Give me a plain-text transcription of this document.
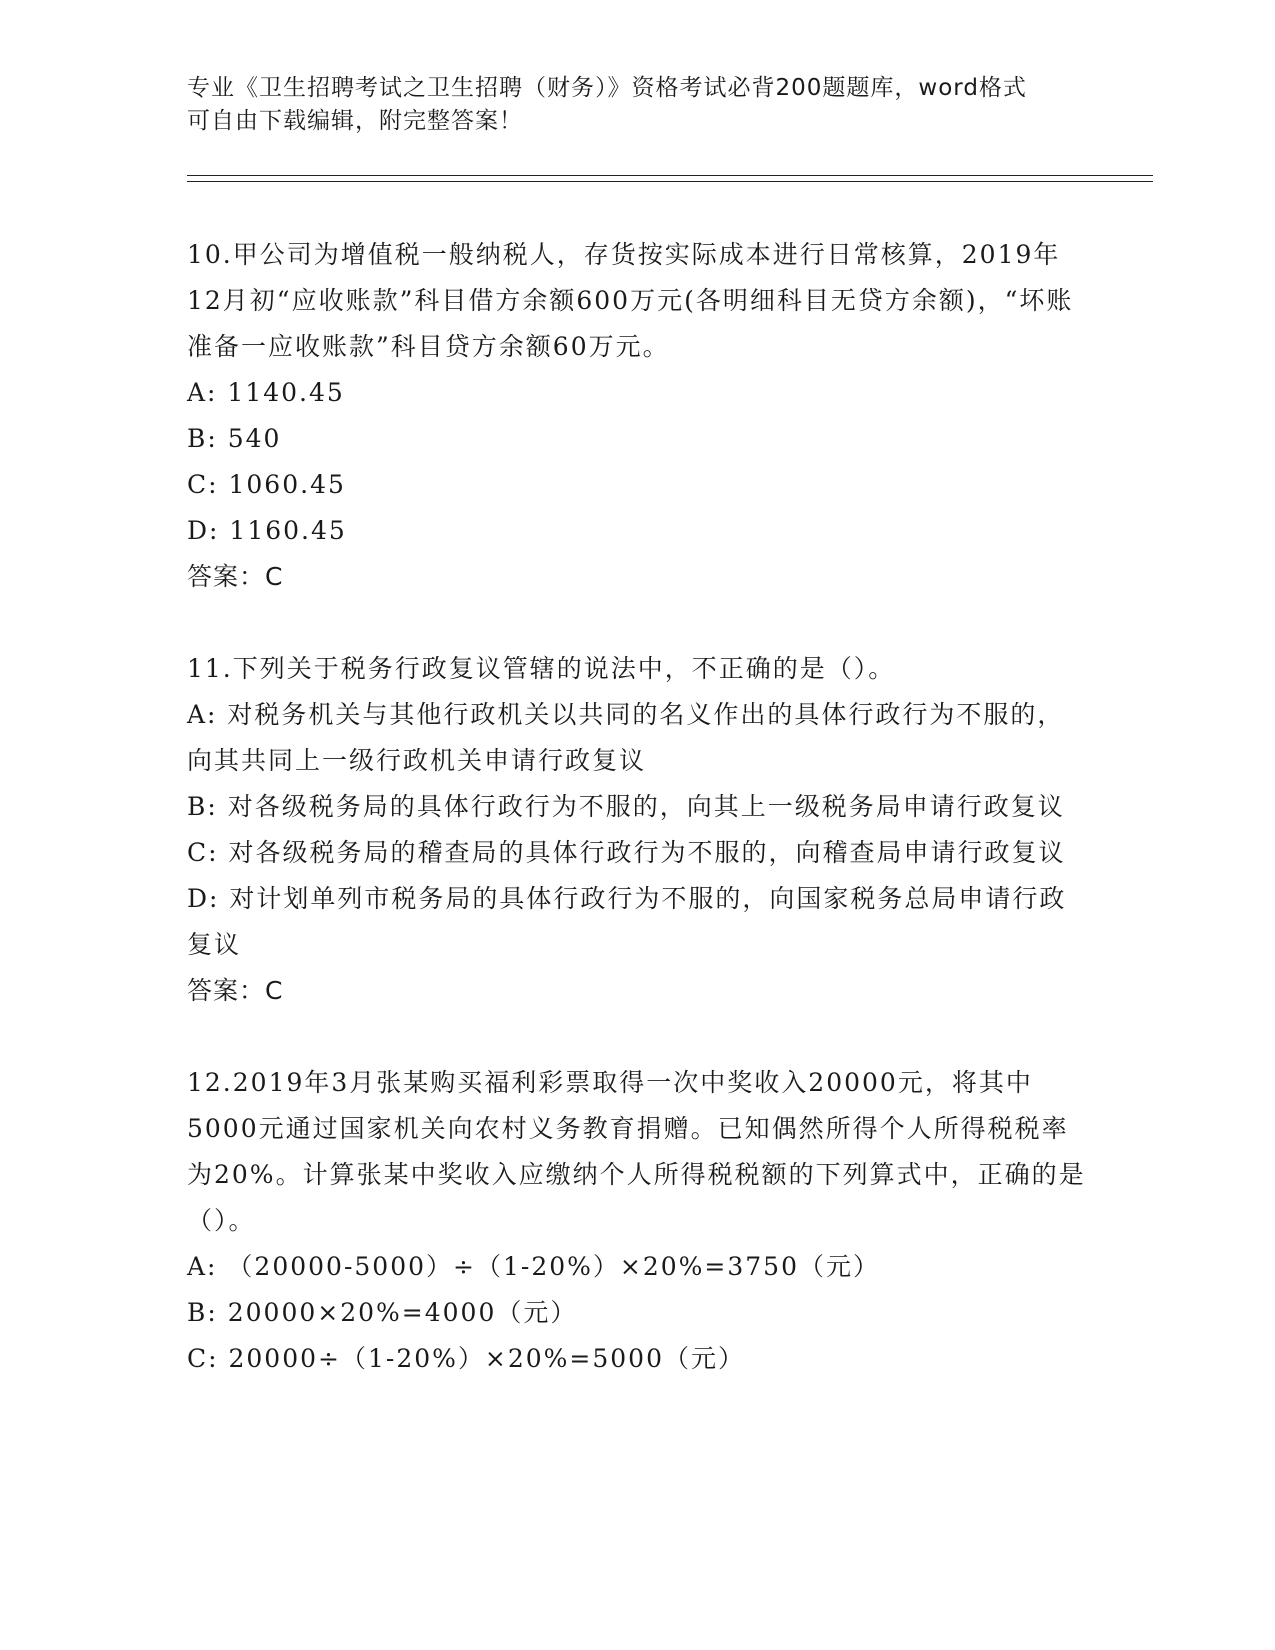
专业《卫生招聘考试之卫生招聘（财务）》资格考试必背200题题库，word格式
可自由下载编辑，附完整答案！

10.甲公司为增值税一般纳税人，存货按实际成本进行日常核算，2019年12月初“应收账款”科目借方余额600万元(各明细科目无贷方余额)，“坏账准备一应收账款”科目贷方余额60万元。

A: 1140.45

B: 540

C: 1060.45

D: 1160.45

答案：C

11.下列关于税务行政复议管辖的说法中，不正确的是（）。

A: 对税务机关与其他行政机关以共同的名义作出的具体行政行为不服的，向其共同上一级行政机关申请行政复议

B: 对各级税务局的具体行政行为不服的，向其上一级税务局申请行政复议

C: 对各级税务局的稽查局的具体行政行为不服的，向稽查局申请行政复议

D: 对计划单列市税务局的具体行政行为不服的，向国家税务总局申请行政复议

答案：C

12.2019年3月张某购买福利彩票取得一次中奖收入20000元，将其中5000元通过国家机关向农村义务教育捐赠。已知偶然所得个人所得税税率为20%。计算张某中奖收入应缴纳个人所得税税额的下列算式中，正确的是（）。

A: （20000-5000）÷（1-20%）×20%=3750（元）

B: 20000×20%=4000（元）

C: 20000÷（1-20%）×20%=5000（元）
